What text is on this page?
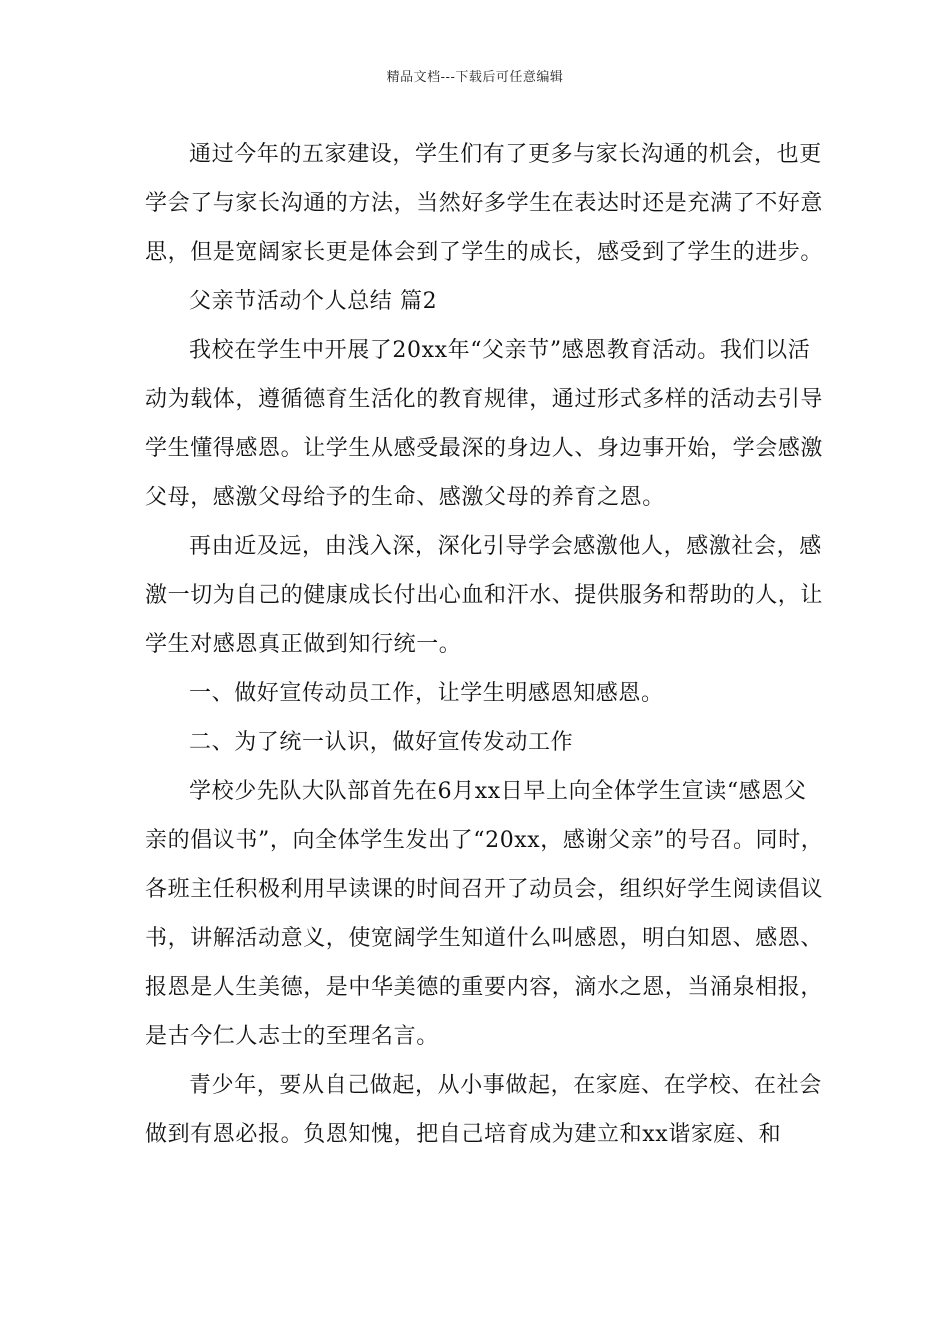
精品文档---下载后可任意编辑

通过今年的五家建设，学生们有了更多与家长沟通的机会，也更学会了与家长沟通的方法，当然好多学生在表达时还是充满了不好意思，但是宽阔家长更是体会到了学生的成长，感受到了学生的进步。

父亲节活动个人总结 篇2

我校在学生中开展了20xx年“父亲节”感恩教育活动。我们以活动为载体，遵循德育生活化的教育规律，通过形式多样的活动去引导学生懂得感恩。让学生从感受最深的身边人、身边事开始，学会感激父母，感激父母给予的生命、感激父母的养育之恩。

再由近及远，由浅入深，深化引导学会感激他人，感激社会，感激一切为自己的健康成长付出心血和汗水、提供服务和帮助的人，让学生对感恩真正做到知行统一。

一、做好宣传动员工作，让学生明感恩知感恩。

二、为了统一认识，做好宣传发动工作

学校少先队大队部首先在6月xx日早上向全体学生宣读“感恩父亲的倡议书”，向全体学生发出了“20xx，感谢父亲”的号召。同时，各班主任积极利用早读课的时间召开了动员会，组织好学生阅读倡议书，讲解活动意义，使宽阔学生知道什么叫感恩，明白知恩、感恩、报恩是人生美德，是中华美德的重要内容，滴水之恩，当涌泉相报，是古今仁人志士的至理名言。

青少年，要从自己做起，从小事做起，在家庭、在学校、在社会做到有恩必报。负恩知愧，把自己培育成为建立和xx谐家庭、和
